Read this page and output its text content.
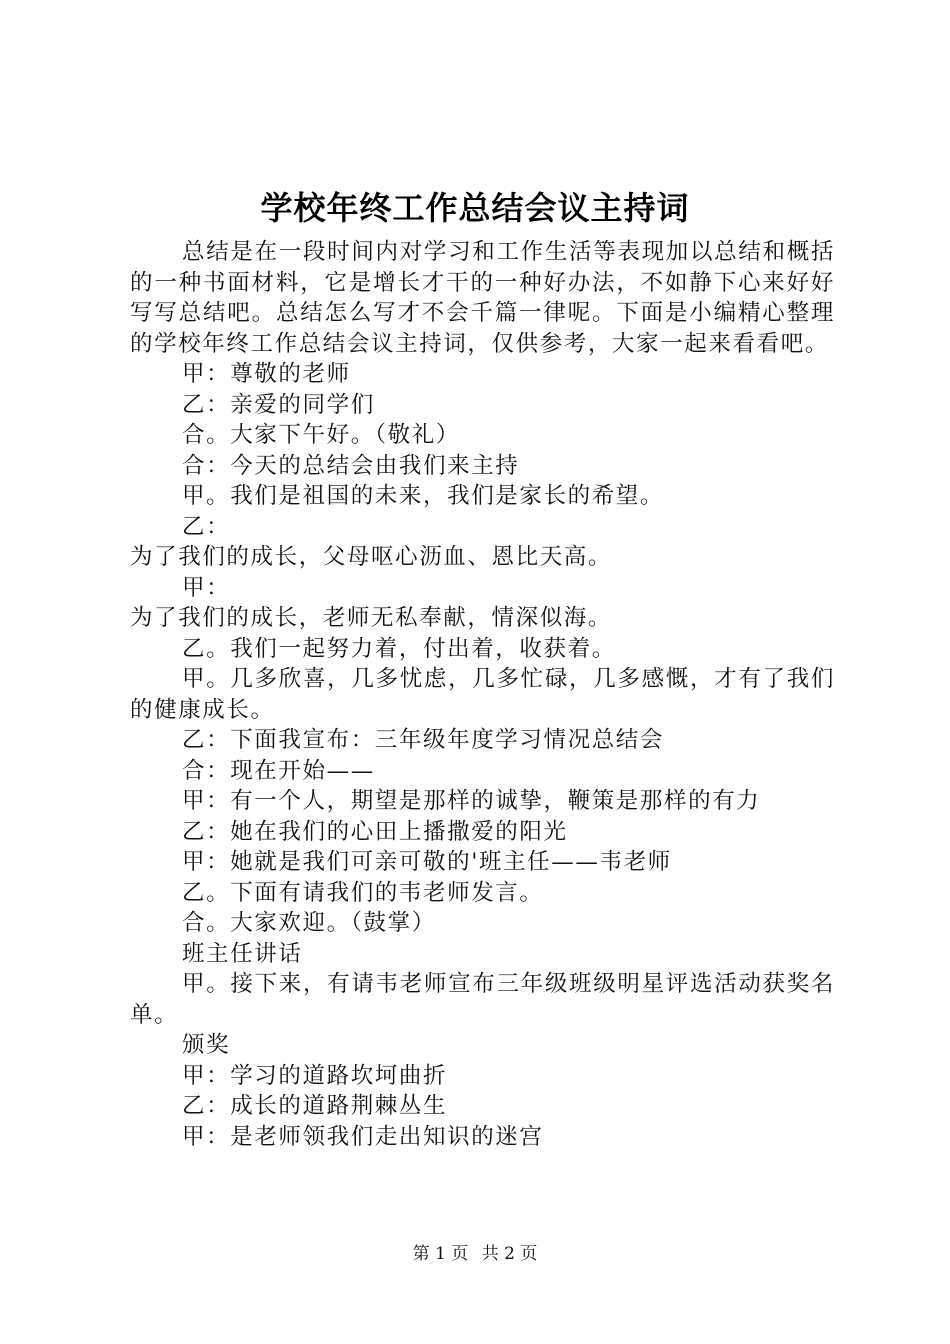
学校年终工作总结会议主持词

总结是在一段时间内对学习和工作生活等表现加以总结和概括的一种书面材料，它是增长才干的一种好办法，不如静下心来好好写写总结吧。总结怎么写才不会千篇一律呢。下面是小编精心整理的学校年终工作总结会议主持词，仅供参考，大家一起来看看吧。

甲：尊敬的老师

乙：亲爱的同学们

合。大家下午好。（敬礼）

合：今天的总结会由我们来主持

甲。我们是祖国的未来，我们是家长的希望。

乙：

为了我们的成长，父母呕心沥血、恩比天高。

甲：

为了我们的成长，老师无私奉献，情深似海。

乙。我们一起努力着，付出着，收获着。

甲。几多欣喜，几多忧虑，几多忙碌，几多感慨，才有了我们的健康成长。

乙：下面我宣布：三年级年度学习情况总结会

合：现在开始——

甲：有一个人，期望是那样的诚挚，鞭策是那样的有力

乙：她在我们的心田上播撒爱的阳光

甲：她就是我们可亲可敬的'班主任——韦老师

乙。下面有请我们的韦老师发言。

合。大家欢迎。（鼓掌）

班主任讲话

甲。接下来，有请韦老师宣布三年级班级明星评选活动获奖名单。

颁奖

甲：学习的道路坎坷曲折

乙：成长的道路荆棘丛生

甲：是老师领我们走出知识的迷宫

第 1 页 共 2 页
